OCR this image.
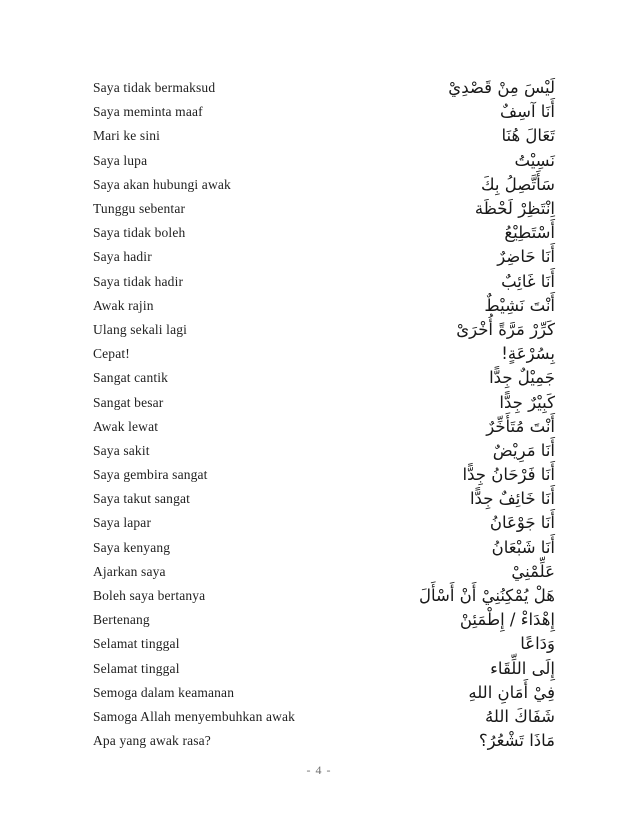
Saya tidak bermaksud	لَيْسَ مِنْ قَصْدِيْ
Saya meminta maaf	أَنَا آسِفٌ
Mari ke sini	تَعَالَ هُنَا
Saya lupa	نَسِيْتُ
Saya akan hubungi awak	سَأَتَّصِلُ بِكَ
Tunggu sebentar	اِنْتَظِرْ لَحْظَة
Saya tidak boleh	أَسْتَطِيْعُ
Saya hadir	أَنَا حَاضِرٌ
Saya tidak hadir	أَنَا غَائِبٌ
Awak rajin	أَنْتَ نَشِيْطٌ
Ulang sekali lagi	كَرِّرْ مَرَّةً أُخْرَىْ
Cepat!	بِسُرْعَةٍ!
Sangat cantik	جَمِيْلٌ جِدًّا
Sangat besar	كَبِيْرٌ جِدًّا
Awak lewat	أَنْتَ مُتَأَخِّرٌ
Saya sakit	أَنَا مَرِيْضٌ
Saya gembira sangat	أَنَا فَرْحَانُ جِدًّا
Saya takut sangat	أَنَا خَائِفٌ جِدًّا
Saya lapar	أَنَا جَوْعَانُ
Saya kenyang	أَنَا شَبْعَانُ
Ajarkan saya	عَلِّمْنِيْ
Boleh saya bertanya	هَلْ يُمْكِنُنِيْ أَنْ أَسْأَلَ
Bertenang	إِهْدَاءْ / إِطْمَئِنْ
Selamat tinggal	وَدَاعًا
Selamat tinggal	إِلَى اللِّقَاء
Semoga dalam keamanan	فِيْ أَمَانِ اللهِ
Samoga Allah menyembuhkan awak	شَفَاكَ اللهُ
Apa yang awak rasa?	مَاذَا تَشْعُرُ؟
- 4 -
